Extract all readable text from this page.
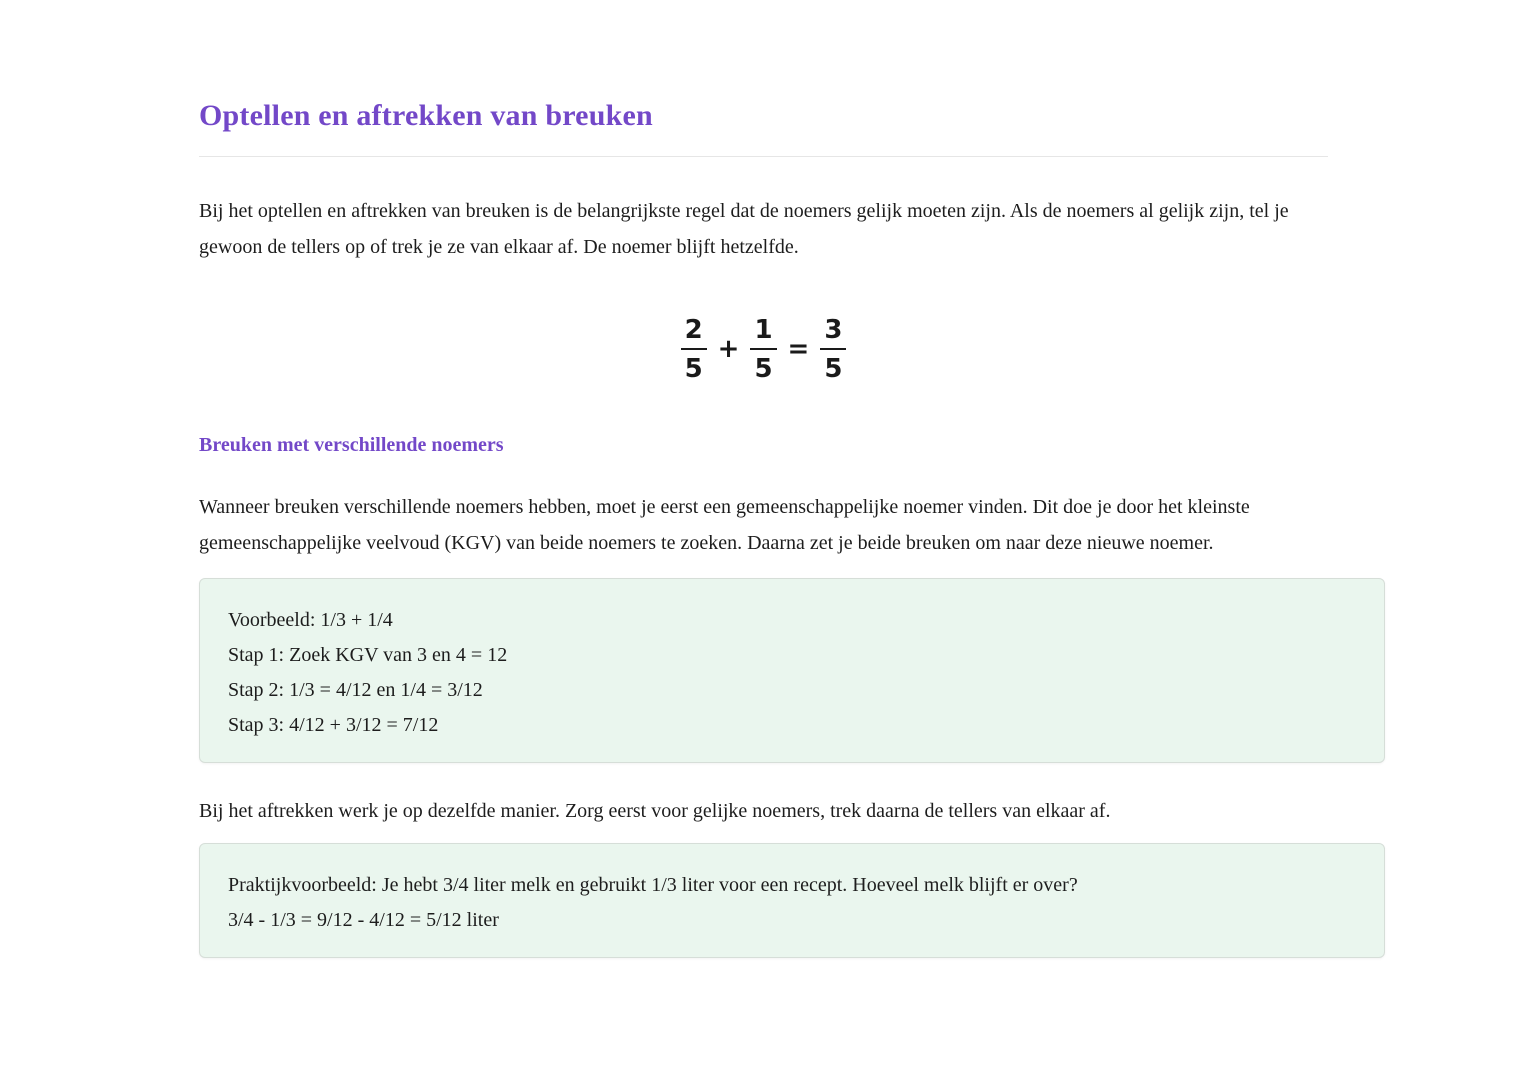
Optellen en aftrekken van breuken

Bij het optellen en aftrekken van breuken is de belangrijkste regel dat de noemers gelijk moeten zijn. Als de noemers al gelijk zijn, tel je gewoon de tellers op of trek je ze van elkaar af. De noemer blijft hetzelfde.

$\frac{2}{5} + \frac{1}{5} = \frac{3}{5}$
Breuken met verschillende noemers

Wanneer breuken verschillende noemers hebben, moet je eerst een gemeenschappelijke noemer vinden. Dit doe je door het kleinste gemeenschappelijke veelvoud (KGV) van beide noemers te zoeken. Daarna zet je beide breuken om naar deze nieuwe noemer.

Voorbeeld: 1/3 + 1/4
Stap 1: Zoek KGV van 3 en 4 = 12
Stap 2: 1/3 = 4/12 en 1/4 = 3/12
Stap 3: 4/12 + 3/12 = 7/12

Bij het aftrekken werk je op dezelfde manier. Zorg eerst voor gelijke noemers, trek daarna de tellers van elkaar af.

Praktijkvoorbeeld: Je hebt 3/4 liter melk en gebruikt 1/3 liter voor een recept. Hoeveel melk blijft er over?
3/4 - 1/3 = 9/12 - 4/12 = 5/12 liter
